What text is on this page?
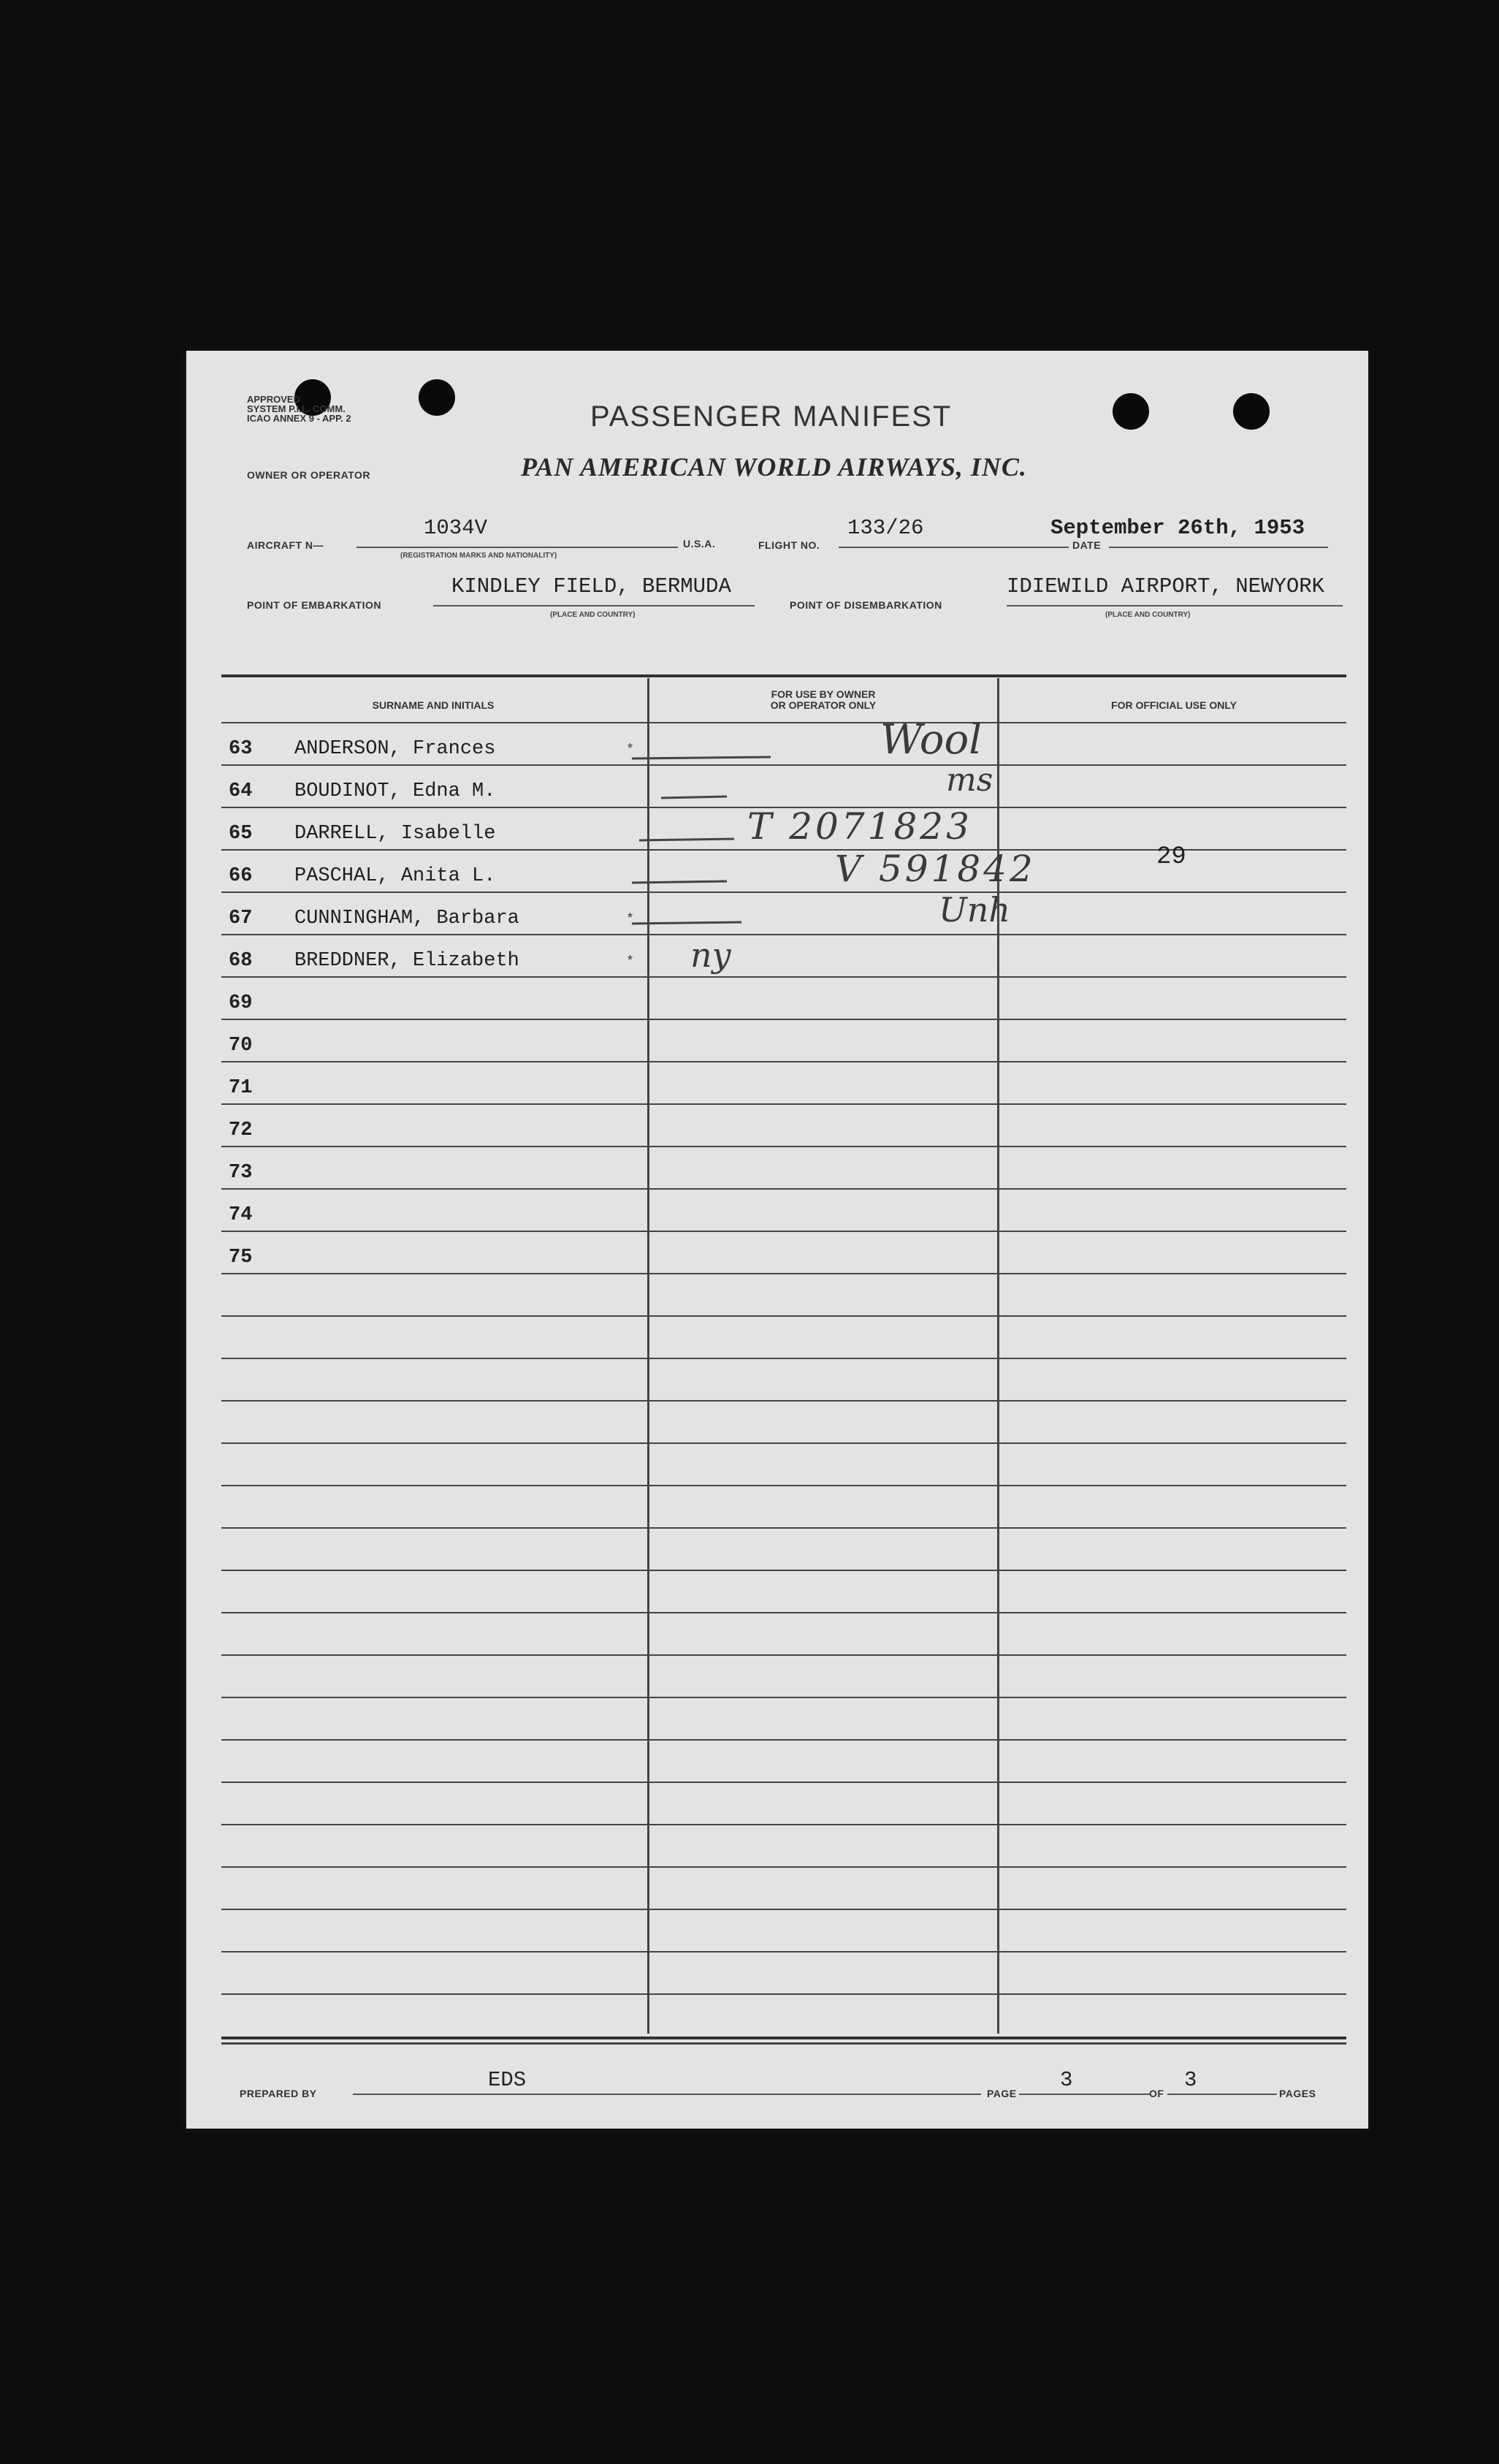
APPROVED
SYSTEM P.I.L. COMM.
ICAO ANNEX 9 - APP. 2	PASSENGER MANIFEST
OWNER OR OPERATOR	PAN AMERICAN WORLD AIRWAYS, INC.
AIRCRAFT N—
1034V
(REGISTRATION MARKS AND NATIONALITY)
U.S.A.	FLIGHT NO.
133/26
DATE
September 26th, 1953
POINT OF EMBARKATION
KINDLEY FIELD, BERMUDA
(PLACE AND COUNTRY)
POINT OF DISEMBARKATION
IDIEWILD AIRPORT, NEWYORK
(PLACE AND COUNTRY)
SURNAME AND INITIALS
FOR USE BY OWNER
OR OPERATOR ONLY	FOR OFFICIAL USE ONLY
63 ANDERSON, Frances	*	Wool
64 BOUDINOT, Edna M.	ms
65 DARRELL, Isabelle	T 2071823
66 PASCHAL, Anita L.	V 591842	29
67 CUNNINGHAM, Barbara	*	Unh
68 BREDDNER, Elizabeth	* ny
69
70
71
72
73
74
75
PREPARED BY
EDS
PAGE
3
OF
3
PAGES
